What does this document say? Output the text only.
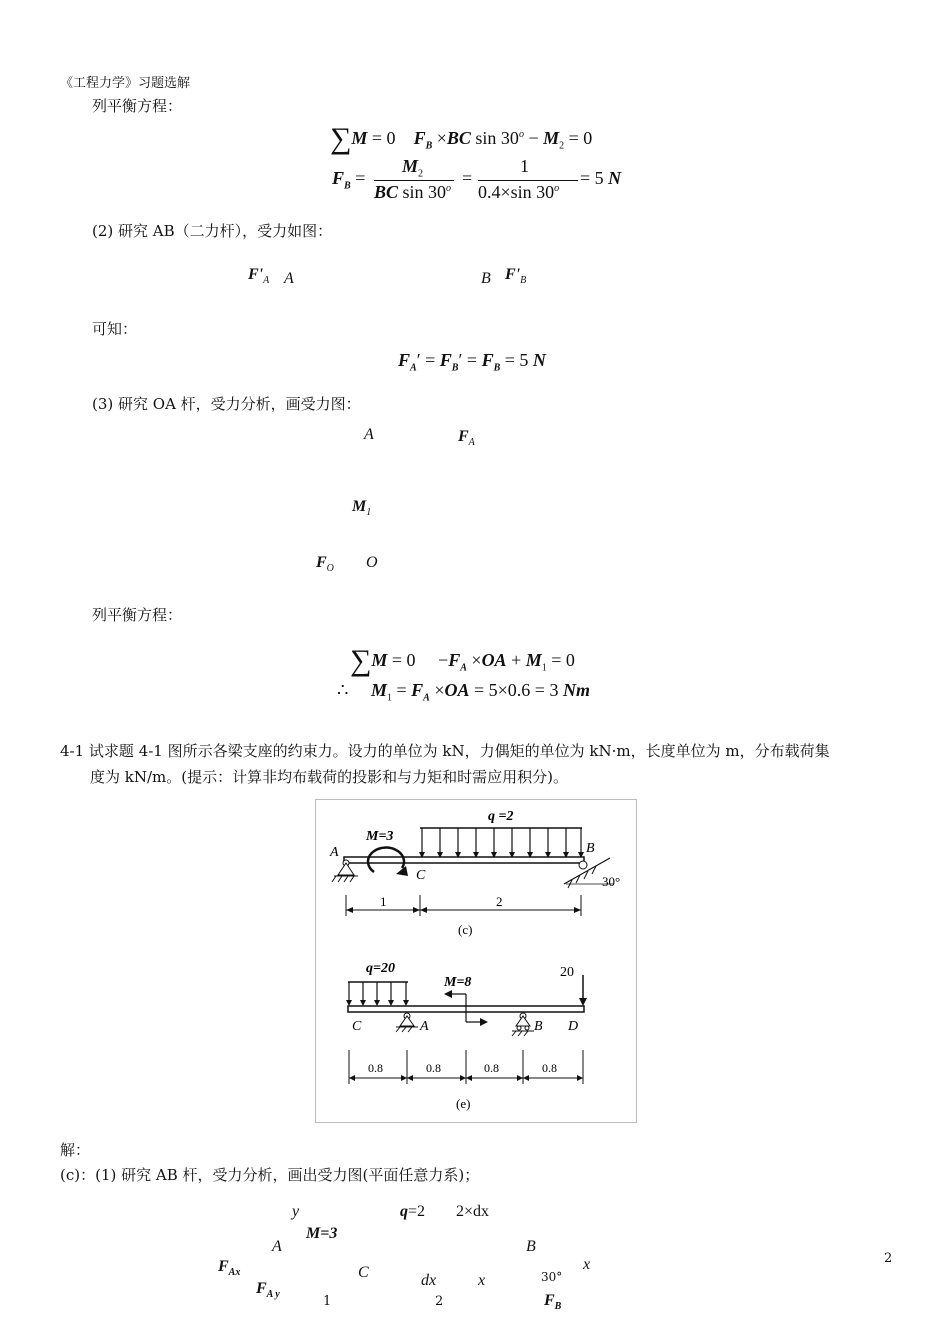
《工程力学》习题选解
列平衡方程：
∑M = 0    $F_B \times BC$ $\sin 30^o - M_2 = 0$
$F_B$ =
$M_2$
BC $\sin 30^o$
=
1
0.4×sin $30^o$
= 5 N
(2) 研究 AB（二力杆），受力如图：
$F'_A$ A	B $F'_B$
可知：
$F_A' = F_B' = F_B = 5$ N
(3) 研究 OA 杆，受力分析，画受力图：
A	$F_A$
$M_1$
$F_O$ O
列平衡方程：
∑M = 0     $-F_A \times OA + M_1 = 0$
∴     $M_1 = F_A \times OA = 5\times 0.6 = 3$ Nm
4-1 试求题 4-1 图所示各梁支座的约束力。设力的单位为 kN，力偶矩的单位为 kN·m，长度单位为 m，分布载荷集
度为 kN/m。(提示：计算非均布载荷的投影和与力矩和时需应用积分)。
q =2
M=3
A	B
30°
C
1	2
(c)
q=20
M=8
20
C	A	B D
0.8	0.8	0.8	0.8
(e)
解：
(c)：(1) 研究 AB 杆，受力分析，画出受力图(平面任意力系)；
y	q=2 2×dx
M=3
A	B
$F_{Ax}$	C	dx	x	30°
x
$F_{A y}$	1	2	$F_B$
2
